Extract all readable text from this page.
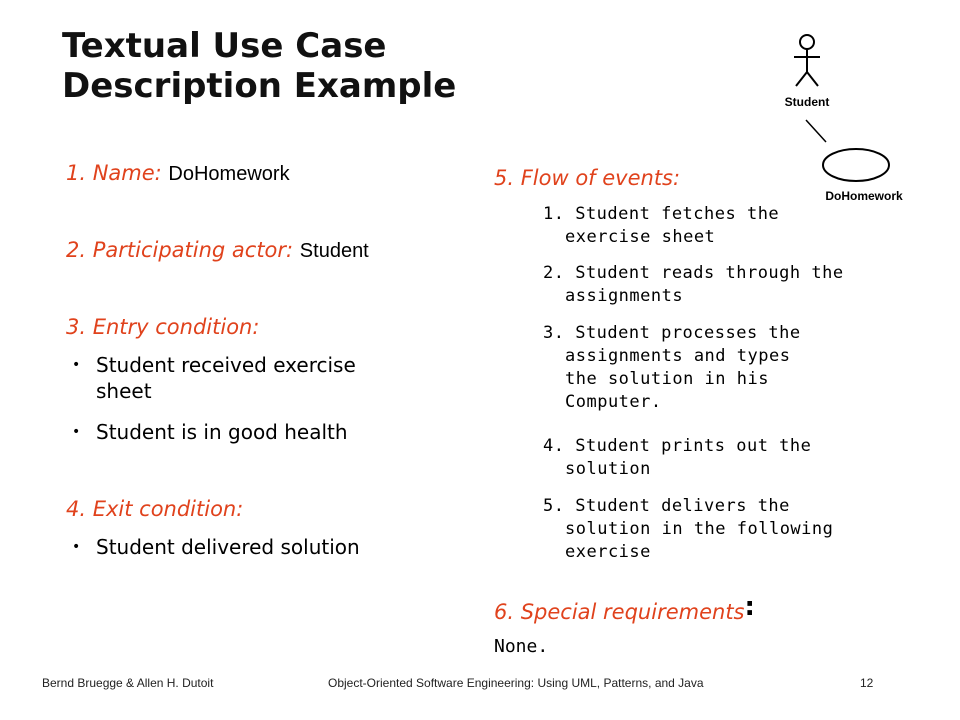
Textual Use Case
Description Example	Student
DoHomework
1. Name: DoHomework
2. Participating actor: Student
3. Entry condition:
• Student received exercise
sheet
• Student is in good health
4. Exit condition:
• Student delivered solution
5. Flow of events:
1. Student fetches the
exercise sheet
2. Student reads through the
assignments
3. Student processes the
assignments and types
the solution in his
Computer.
4. Student prints out the
solution
5. Student delivers the
solution in the following
exercise
6. Special requirements:
None.
Bernd Bruegge & Allen H. Dutoit	Object-Oriented Software Engineering: Using UML, Patterns, and Java	12
